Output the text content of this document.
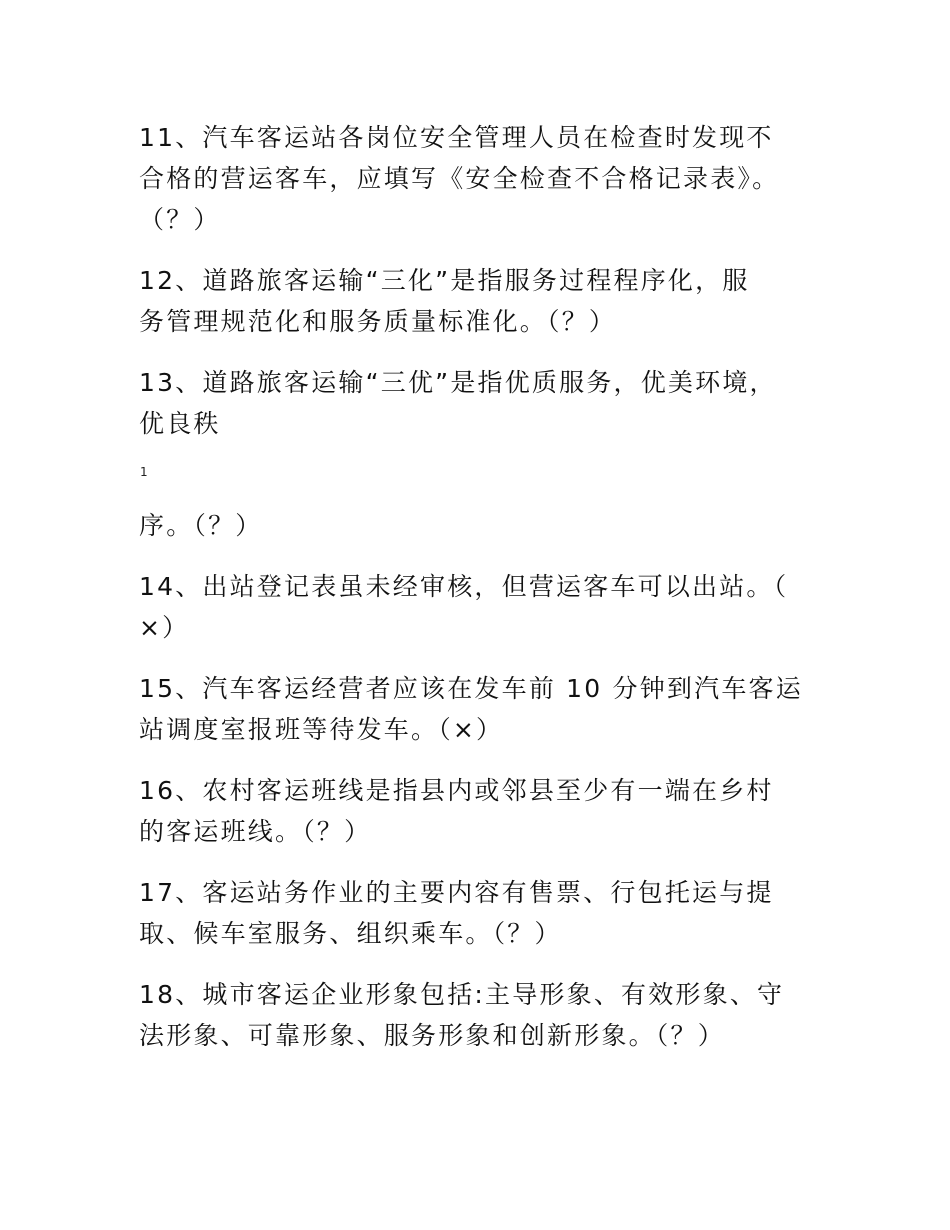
11、汽车客运站各岗位安全管理人员在检查时发现不
合格的营运客车，应填写《安全检查不合格记录表》。
（？）
12、道路旅客运输“三化”是指服务过程程序化，服
务管理规范化和服务质量标准化。（？）
13、道路旅客运输“三优”是指优质服务，优美环境，
优良秩
1
序。（？）
14、出站登记表虽未经审核，但营运客车可以出站。（
×）
15、汽车客运经营者应该在发车前 10 分钟到汽车客运
站调度室报班等待发车。（×）
16、农村客运班线是指县内或邻县至少有一端在乡村
的客运班线。（？）
17、客运站务作业的主要内容有售票、行包托运与提
取、候车室服务、组织乘车。（？）
18、城市客运企业形象包括:主导形象、有效形象、守
法形象、可靠形象、服务形象和创新形象。（？）
